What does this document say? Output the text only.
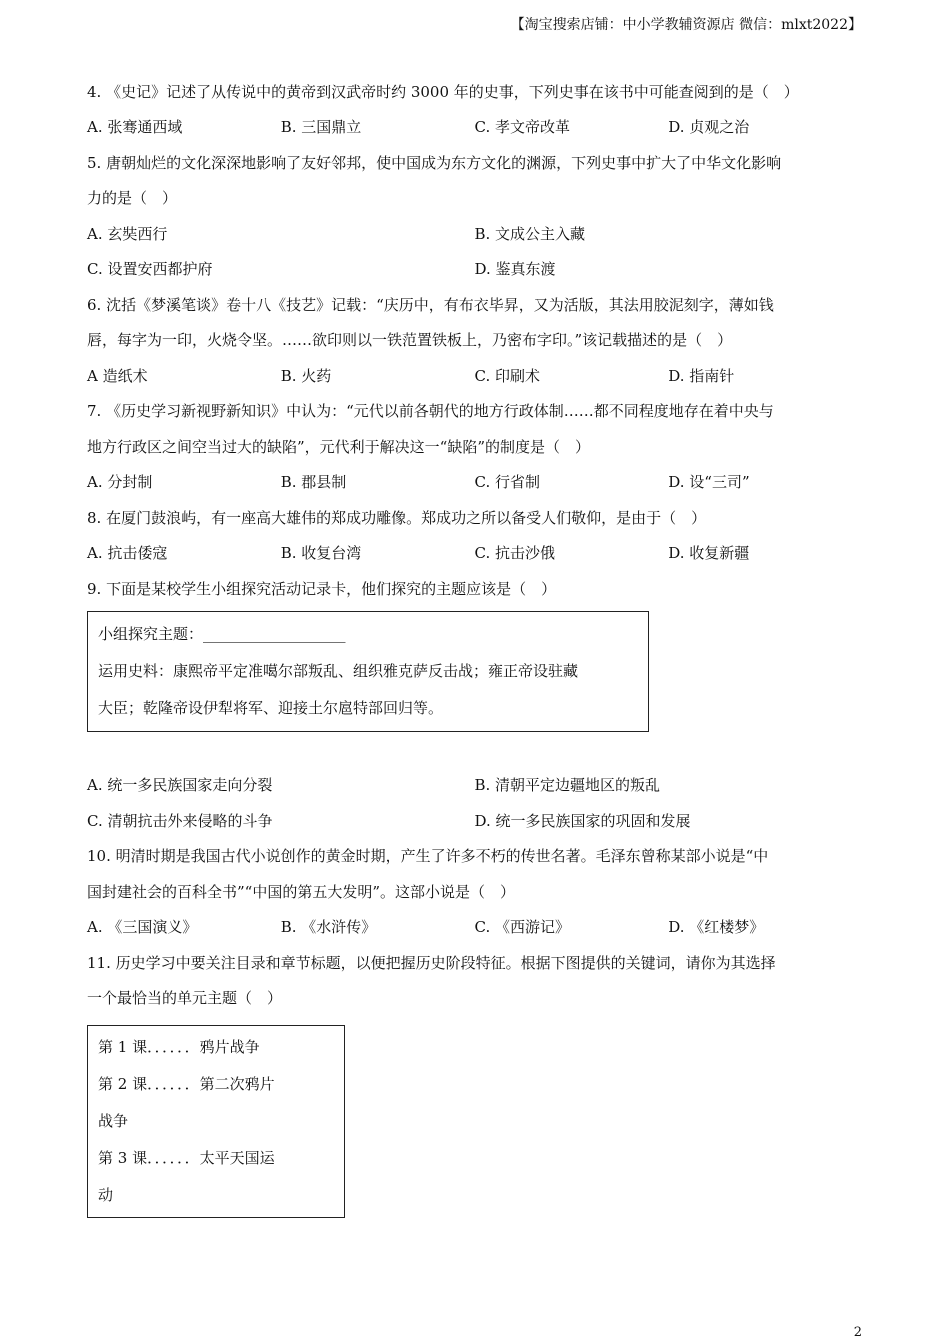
【淘宝搜索店铺：中小学教辅资源店 微信：mlxt2022】
4. 《史记》记述了从传说中的黄帝到汉武帝时约 3000 年的史事，下列史事在该书中可能查阅到的是（　）
A. 张骞通西域	B. 三国鼎立	C. 孝文帝改革	D. 贞观之治
5. 唐朝灿烂的文化深深地影响了友好邻邦，使中国成为东方文化的渊源，下列史事中扩大了中华文化影响
力的是（　）
A. 玄奘西行	B. 文成公主入藏
C. 设置安西都护府	D. 鉴真东渡
6. 沈括《梦溪笔谈》卷十八《技艺》记载：“庆历中，有布衣毕昇，又为活版，其法用胶泥刻字，薄如钱
唇，每字为一印，火烧令坚。……欲印则以一铁范置铁板上，乃密布字印。”该记载描述的是（　）
A 造纸术	B. 火药	C. 印刷术	D. 指南针
7. 《历史学习新视野新知识》中认为：“元代以前各朝代的地方行政体制……都不同程度地存在着中央与
地方行政区之间空当过大的缺陷”，元代利于解决这一“缺陷”的制度是（　）
A. 分封制	B. 郡县制	C. 行省制	D. 设“三司”
8. 在厦门鼓浪屿，有一座高大雄伟的郑成功雕像。郑成功之所以备受人们敬仰，是由于（　）
A. 抗击倭寇	B. 收复台湾	C. 抗击沙俄	D. 收复新疆
9. 下面是某校学生小组探究活动记录卡，他们探究的主题应该是（　）
小组探究主题：___________________
运用史料：康熙帝平定准噶尔部叛乱、组织雅克萨反击战；雍正帝设驻藏
大臣；乾隆帝设伊犁将军、迎接土尔扈特部回归等。
A. 统一多民族国家走向分裂	B. 清朝平定边疆地区的叛乱
C. 清朝抗击外来侵略的斗争	D. 统一多民族国家的巩固和发展
10. 明清时期是我国古代小说创作的黄金时期，产生了许多不朽的传世名著。毛泽东曾称某部小说是“中
国封建社会的百科全书”“中国的第五大发明”。这部小说是（　）
A. 《三国演义》	B. 《水浒传》	C. 《西游记》	D. 《红楼梦》
11. 历史学习中要关注目录和章节标题，以便把握历史阶段特征。根据下图提供的关键词，请你为其选择
一个最恰当的单元主题（　）
第 1 课．．．．．．鸦片战争
第 2 课．．．．．．第二次鸦片
战争
第 3 课．．．．．．太平天国运
动
2
